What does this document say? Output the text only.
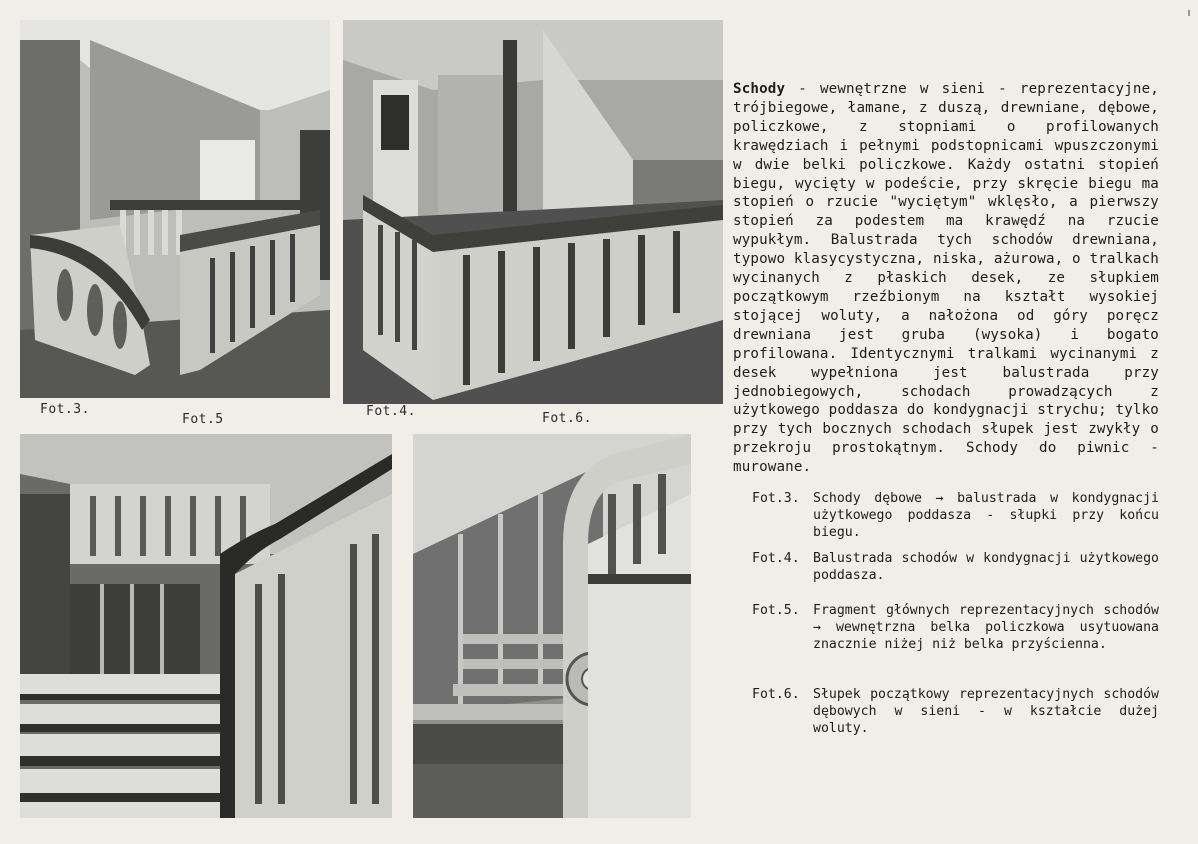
Fot.3.
Fot.5
Fot.4.	Fot.6.
Schody - wewnętrzne w sieni - reprezentacyjne, trójbiegowe, łamane, z duszą, drewniane, dębowe, policzkowe, z stopniami o profilowanych krawędziach i pełnymi podstopnicami wpuszczonymi w dwie belki policzkowe. Każdy ostatni stopień biegu, wycięty w podeście, przy skręcie biegu ma stopień o rzucie "wyciętym" wklęsło, a pierwszy stopień za podestem ma krawędź na rzucie wypukłym. Balustrada tych schodów drewniana, typowo klasycystyczna, niska, ażurowa, o tralkach wycinanych z płaskich desek, ze słupkiem początkowym rzeźbionym na kształt wysokiej stojącej woluty, a nałożona od góry poręcz drewniana jest gruba (wysoka) i bogato profilowana. Identycznymi tralkami wycinanymi z desek wypełniona jest balustrada przy jednobiegowych, schodach prowadzących z użytkowego poddasza do kondygnacji strychu; tylko przy tych bocznych schodach słupek jest zwykły o przekroju prostokątnym. Schody do piwnic - murowane.
Fot.3. Schody dębowe → balustrada w kondygnacji użytkowego poddasza - słupki przy końcu biegu.
Fot.4. Balustrada schodów w kondygnacji użytkowego poddasza.
Fot.5. Fragment głównych reprezentacyjnych schodów → wewnętrzna belka policzkowa usytuowana znacznie niżej niż belka przyścienna.
Fot.6. Słupek początkowy reprezentacyjnych schodów dębowych w sieni - w kształcie dużej woluty.
